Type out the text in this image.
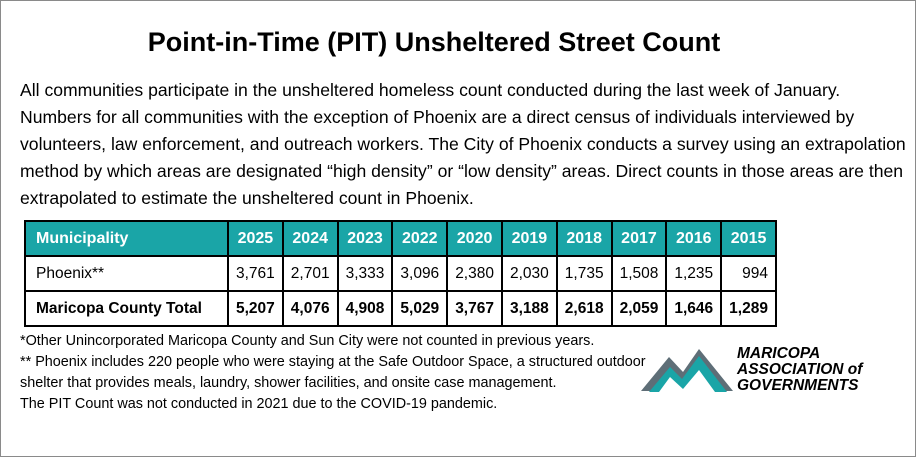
Point-in-Time (PIT) Unsheltered Street Count

All communities participate in the unsheltered homeless count conducted during the last week of January. Numbers for all communities with the exception of Phoenix are a direct census of individuals interviewed by volunteers, law enforcement, and outreach workers. The City of Phoenix conducts a survey using an extrapolation method by which areas are designated “high density” or “low density” areas. Direct counts in those areas are then extrapolated to estimate the unsheltered count in Phoenix.

Municipality	2025	2024	2023	2022	2020	2019	2018	2017	2016	2015
Phoenix**	3,761	2,701	3,333	3,096	2,380	2,030	1,735	1,508	1,235	994
Maricopa County Total	5,207	4,076	4,908	5,029	3,767	3,188	2,618	2,059	1,646	1,289

*Other Unincorporated Maricopa County and Sun City were not counted in previous years.

** Phoenix includes 220 people who were staying at the Safe Outdoor Space, a structured outdoor shelter that provides meals, laundry, shower facilities, and onsite case management.

The PIT Count was not conducted in 2021 due to the COVID-19 pandemic.

MARICOPA
ASSOCIATION of
GOVERNMENTS
